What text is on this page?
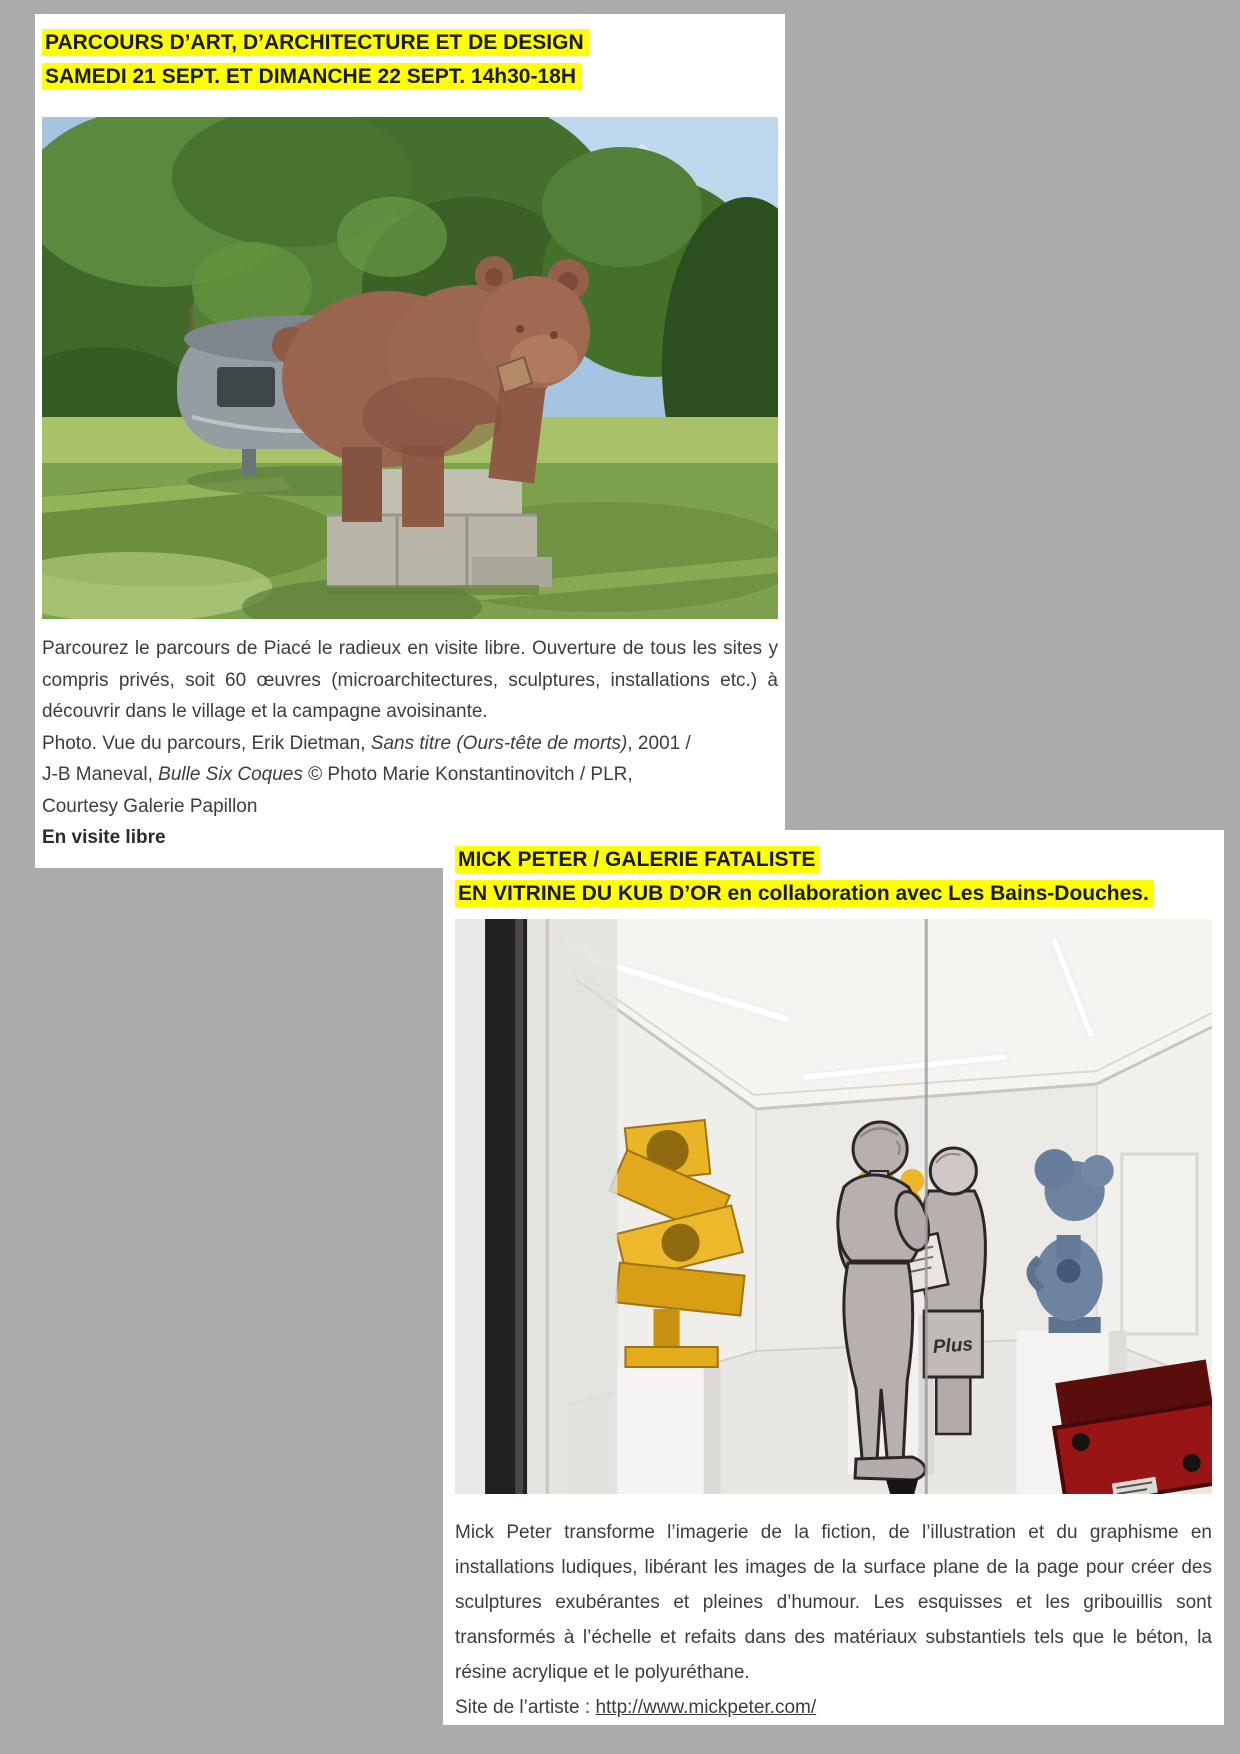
PARCOURS D’ART, D’ARCHITECTURE ET DE DESIGN
SAMEDI 21 SEPT. ET DIMANCHE 22 SEPT. 14h30-18H
Parcourez le parcours de Piacé le radieux en visite libre. Ouverture de tous les sites y compris privés, soit 60 œuvres (microarchitectures, sculptures, installations etc.) à découvrir dans le village et la campagne avoisinante.
Photo. Vue du parcours, Erik Dietman, Sans titre (Ours-tête de morts), 2001 /
J-B Maneval, Bulle Six Coques © Photo Marie Konstantinovitch / PLR,
Courtesy Galerie Papillon
En visite libre
MICK PETER / GALERIE FATALISTE
EN VITRINE DU KUB D’OR en collaboration avec Les Bains-Douches.
Plus
Mick Peter transforme l’imagerie de la fiction, de l’illustration et du graphisme en installations ludiques, libérant les images de la surface plane de la page pour créer des sculptures exubérantes et pleines d’humour. Les esquisses et les gribouillis sont transformés à l’échelle et refaits dans des matériaux substantiels tels que le béton, la résine acrylique et le polyuréthane.
Site de l’artiste : http://www.mickpeter.com/
